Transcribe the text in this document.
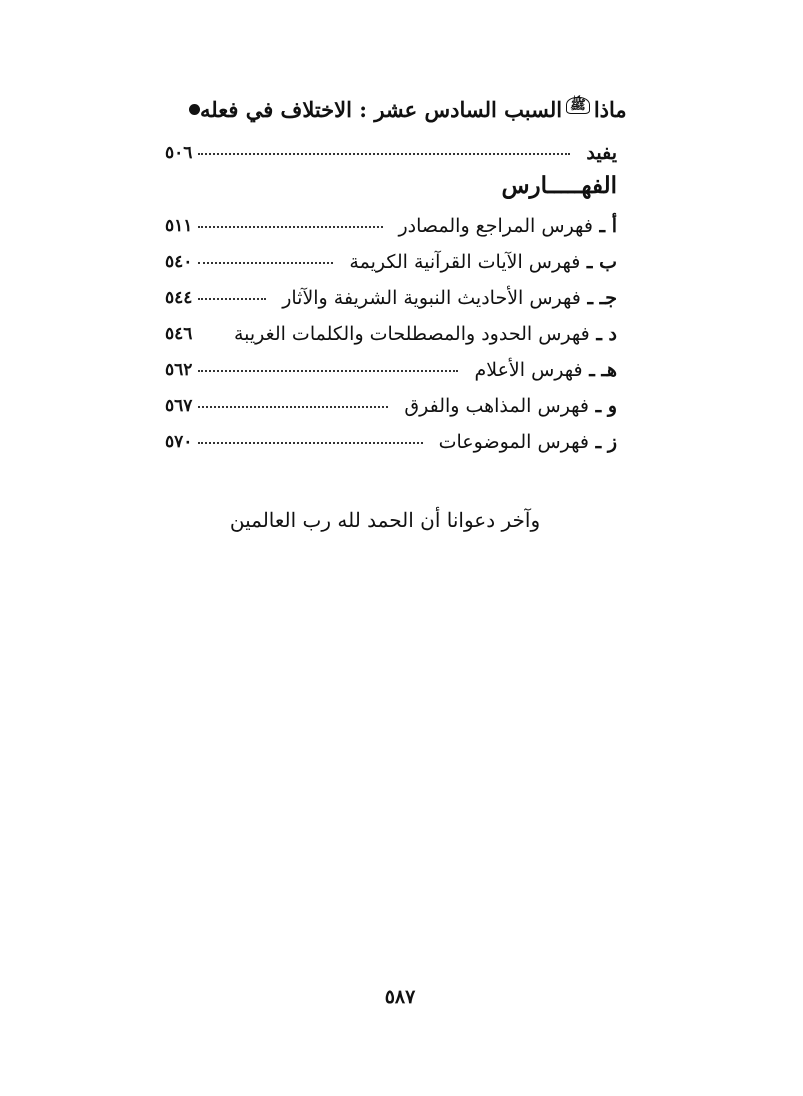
السبب السادس عشر : الاختلاف في فعله ﷺ ماذا
يفيد
٥٠٦
الفهـــــارس
أ ـ فهرس المراجع والمصادر
٥١١
ب ـ فهرس الآيات القرآنية الكريمة
٥٤٠
جـ ـ فهرس الأحاديث النبوية الشريفة والآثار
٥٤٤
د ـ فهرس الحدود والمصطلحات والكلمات الغريبة
٥٤٦
هـ ـ فهرس الأعلام
٥٦٢
و ـ فهرس المذاهب والفرق
٥٦٧
ز ـ فهرس الموضوعات
٥٧٠
وآخر دعوانا أن الحمد لله رب العالمين
٥٨٧
